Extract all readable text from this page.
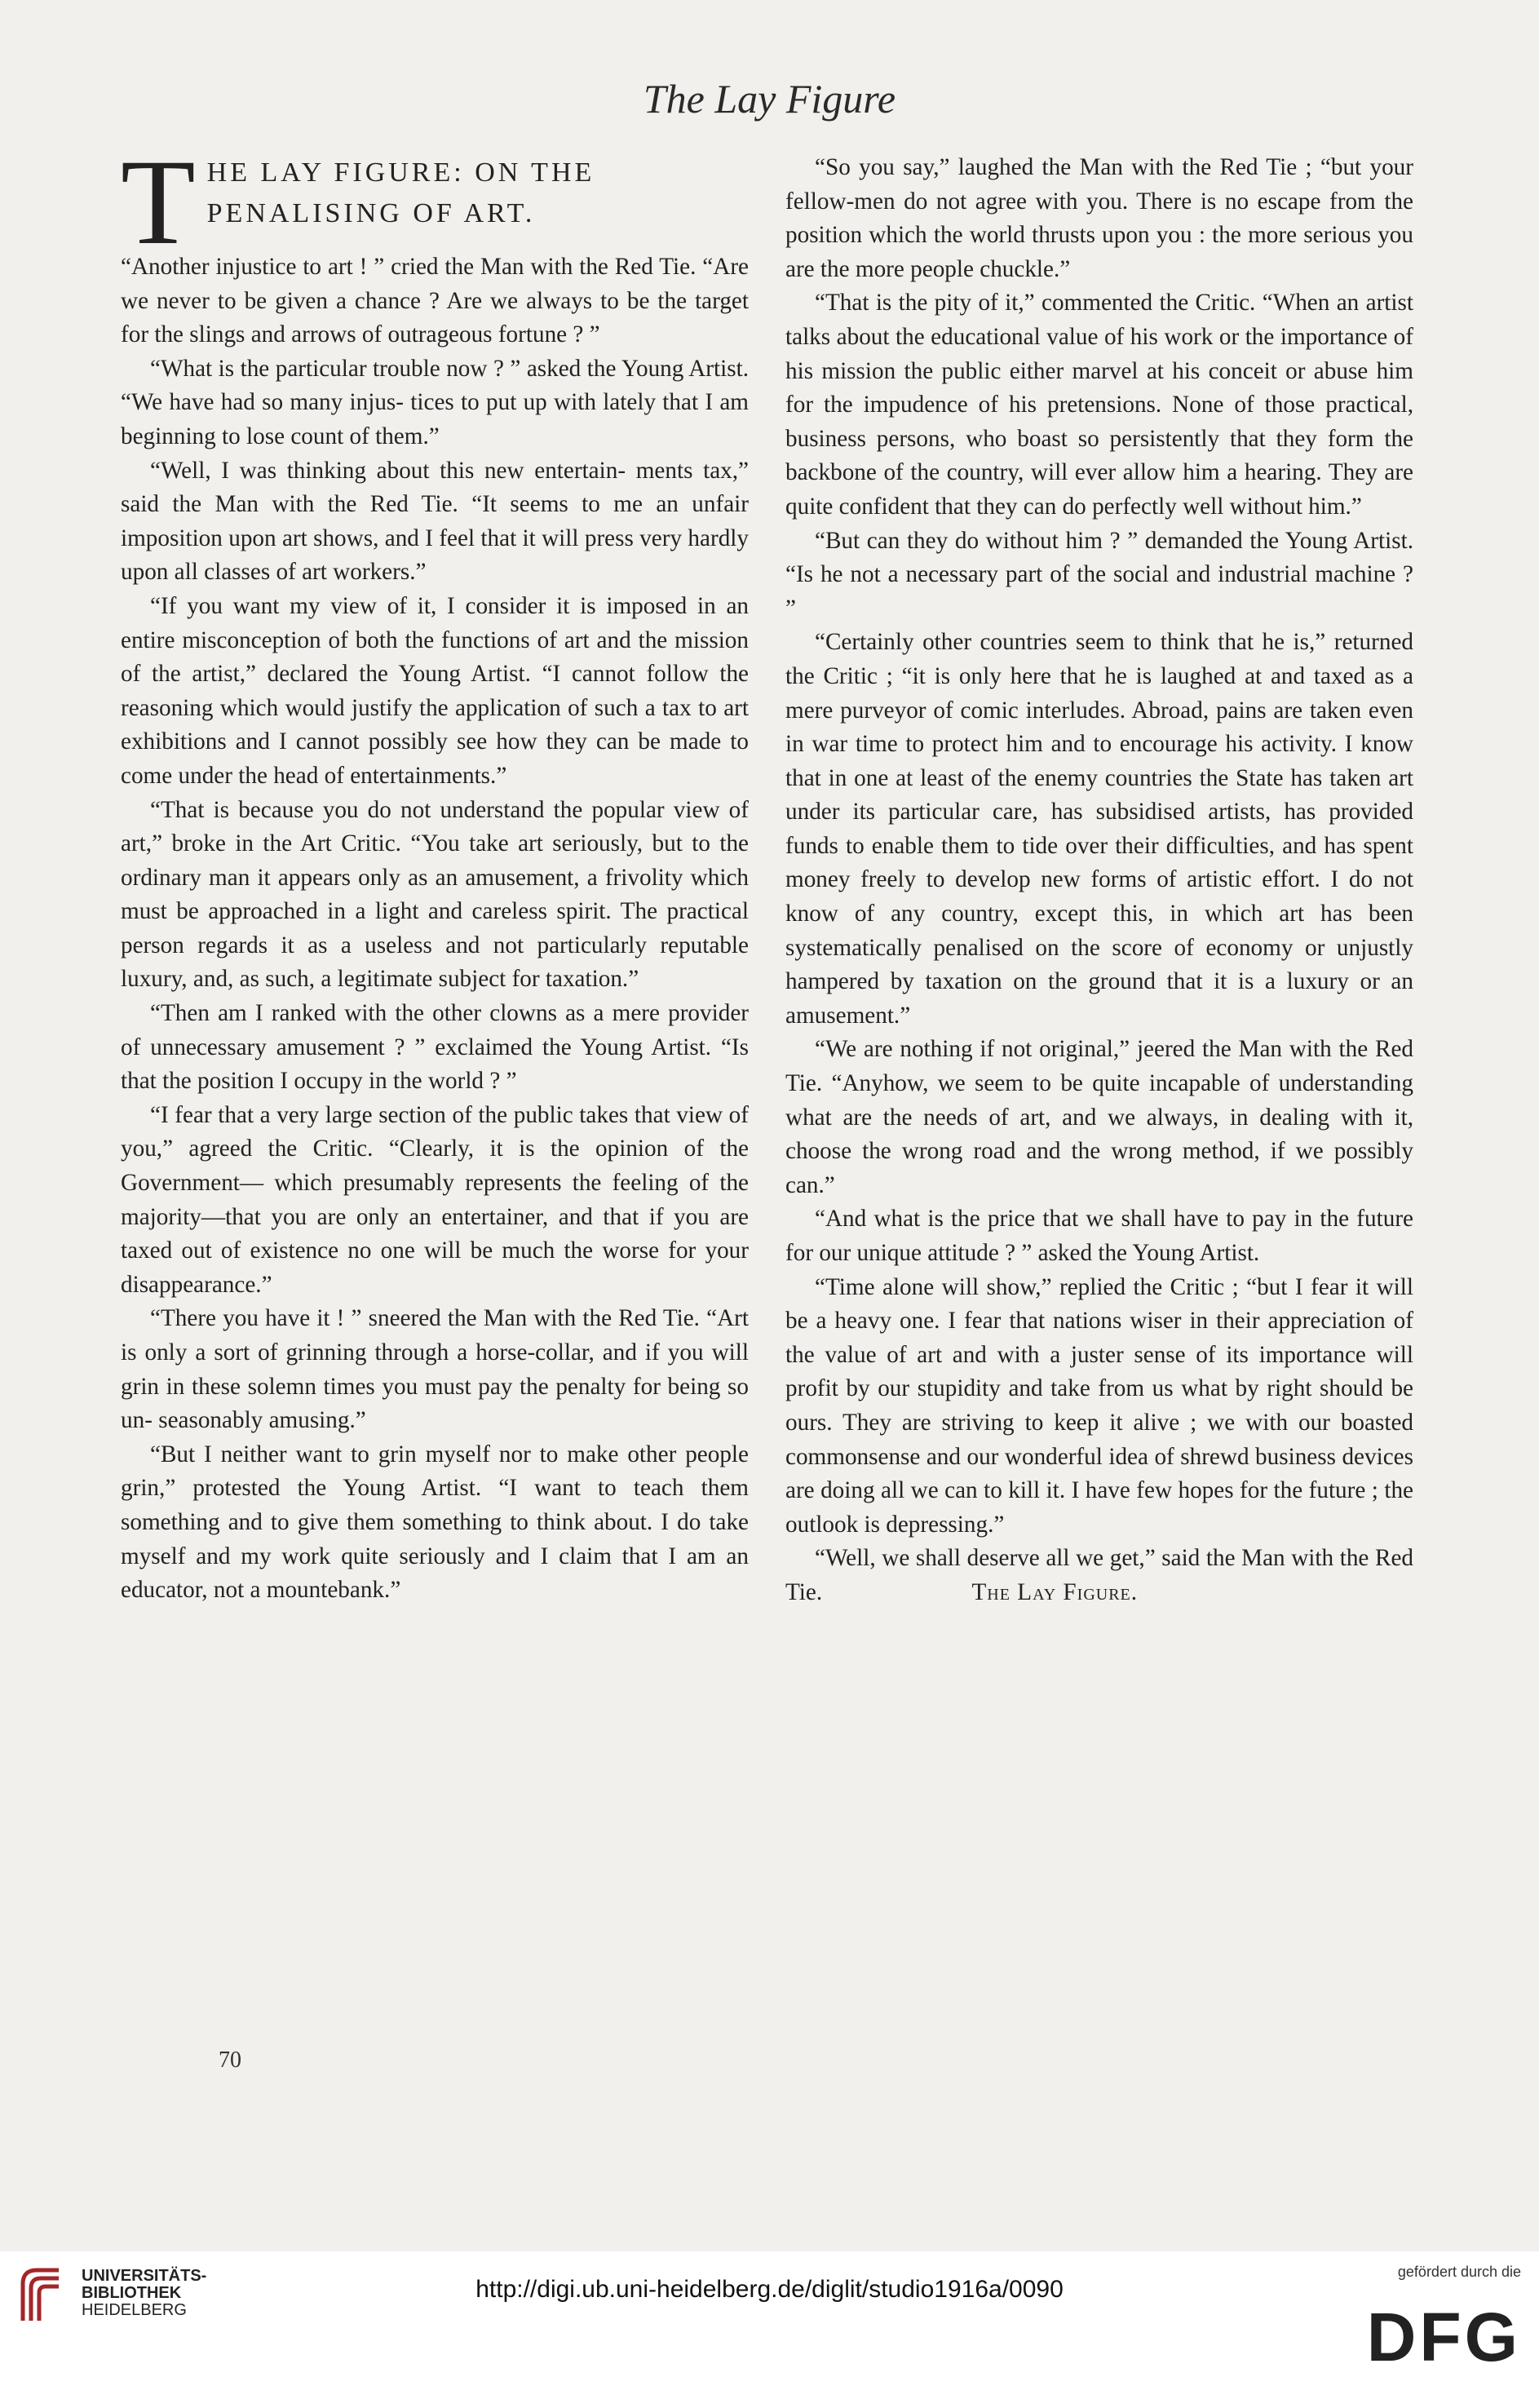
The Lay Figure
T HE LAY FIGURE: ON THE PENALISING OF ART.

“Another injustice to art ! ” cried the Man with the Red Tie. “Are we never to be given a chance ? Are we always to be the target for the slings and arrows of outrageous fortune ? ”

“What is the particular trouble now ? ” asked the Young Artist. “We have had so many injus- tices to put up with lately that I am beginning to lose count of them.”

“Well, I was thinking about this new entertain- ments tax,” said the Man with the Red Tie. “It seems to me an unfair imposition upon art shows, and I feel that it will press very hardly upon all classes of art workers.”

“If you want my view of it, I consider it is imposed in an entire misconception of both the functions of art and the mission of the artist,” declared the Young Artist. “I cannot follow the reasoning which would justify the application of such a tax to art exhibitions and I cannot possibly see how they can be made to come under the head of entertainments.”

“That is because you do not understand the popular view of art,” broke in the Art Critic. “You take art seriously, but to the ordinary man it appears only as an amusement, a frivolity which must be approached in a light and careless spirit. The practical person regards it as a useless and not particularly reputable luxury, and, as such, a legitimate subject for taxation.”

“Then am I ranked with the other clowns as a mere provider of unnecessary amusement ? ” exclaimed the Young Artist. “Is that the position I occupy in the world ? ”

“I fear that a very large section of the public takes that view of you,” agreed the Critic. “Clearly, it is the opinion of the Government— which presumably represents the feeling of the majority—that you are only an entertainer, and that if you are taxed out of existence no one will be much the worse for your disappearance.”

“There you have it ! ” sneered the Man with the Red Tie. “Art is only a sort of grinning through a horse-collar, and if you will grin in these solemn times you must pay the penalty for being so un- seasonably amusing.”

“But I neither want to grin myself nor to make other people grin,” protested the Young Artist. “I want to teach them something and to give them something to think about. I do take myself and my work quite seriously and I claim that I am an educator, not a mountebank.”

“So you say,” laughed the Man with the Red Tie ; “but your fellow-men do not agree with you. There is no escape from the position which the world thrusts upon you : the more serious you are the more people chuckle.”

“That is the pity of it,” commented the Critic. “When an artist talks about the educational value of his work or the importance of his mission the public either marvel at his conceit or abuse him for the impudence of his pretensions. None of those practical, business persons, who boast so persistently that they form the backbone of the country, will ever allow him a hearing. They are quite confident that they can do perfectly well without him.”

“But can they do without him ? ” demanded the Young Artist. “Is he not a necessary part of the social and industrial machine ? ”

“Certainly other countries seem to think that he is,” returned the Critic ; “it is only here that he is laughed at and taxed as a mere purveyor of comic interludes. Abroad, pains are taken even in war time to protect him and to encourage his activity. I know that in one at least of the enemy countries the State has taken art under its particular care, has subsidised artists, has provided funds to enable them to tide over their difficulties, and has spent money freely to develop new forms of artistic effort. I do not know of any country, except this, in which art has been systematically penalised on the score of economy or unjustly hampered by taxation on the ground that it is a luxury or an amusement.”

“We are nothing if not original,” jeered the Man with the Red Tie. “Anyhow, we seem to be quite incapable of understanding what are the needs of art, and we always, in dealing with it, choose the wrong road and the wrong method, if we possibly can.”

“And what is the price that we shall have to pay in the future for our unique attitude ? ” asked the Young Artist.

“Time alone will show,” replied the Critic ; “but I fear it will be a heavy one. I fear that nations wiser in their appreciation of the value of art and with a juster sense of its importance will profit by our stupidity and take from us what by right should be ours. They are striving to keep it alive ; we with our boasted commonsense and our wonderful idea of shrewd business devices are doing all we can to kill it. I have few hopes for the future ; the outlook is depressing.”

“Well, we shall deserve all we get,” said the Man with the Red Tie.	The Lay Figure.

70
UNIVERSITÄTS-
BIBLIOTHEK
HEIDELBERG
http://digi.ub.uni-heidelberg.de/diglit/studio1916a/0090
gefördert durch die
DFG
